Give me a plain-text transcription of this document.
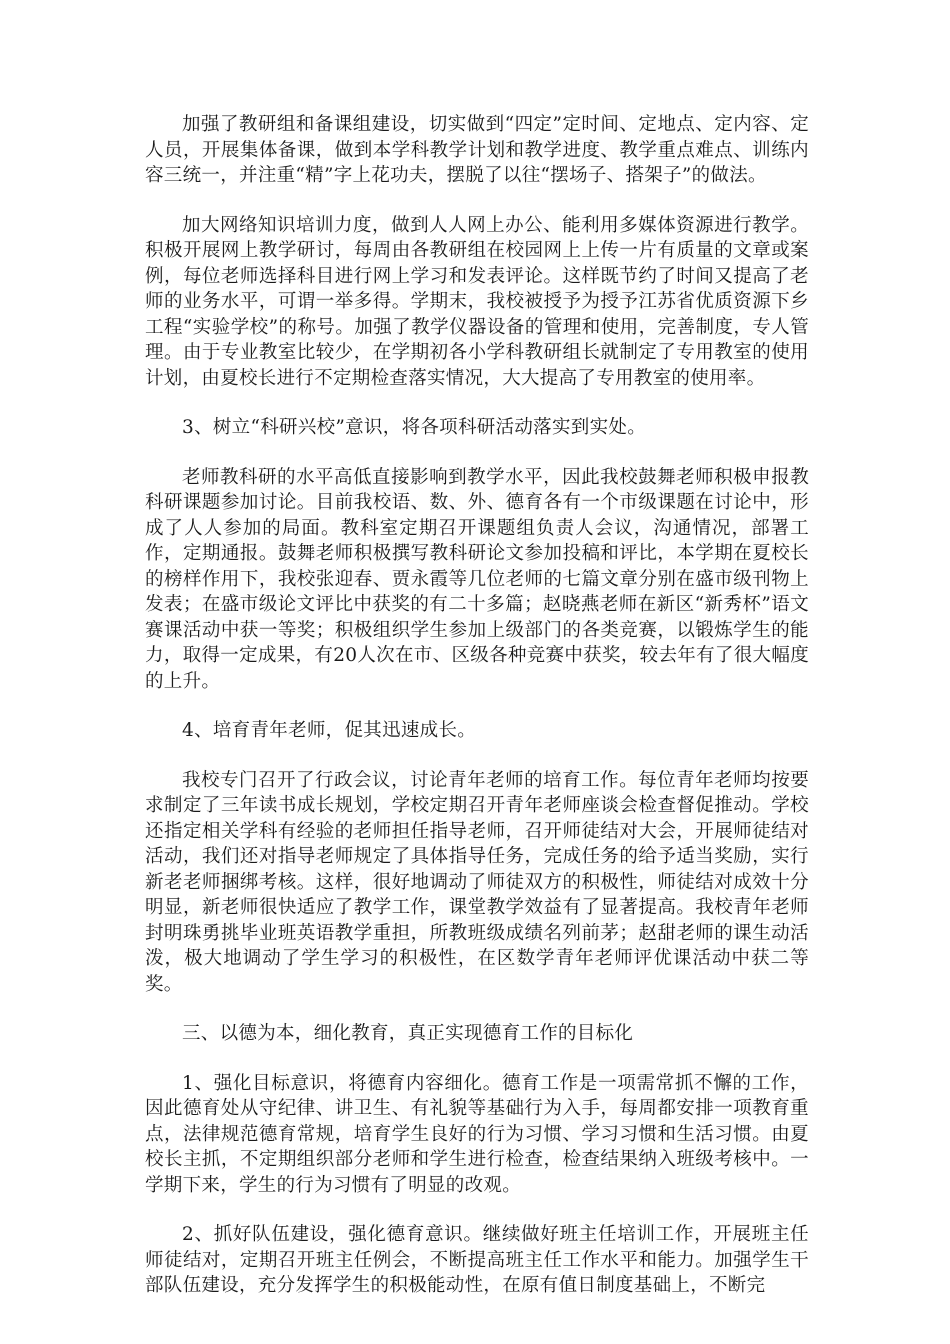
加强了教研组和备课组建设，切实做到“四定”定时间、定地点、定内容、定人员，开展集体备课，做到本学科教学计划和教学进度、教学重点难点、训练内容三统一，并注重“精”字上花功夫，摆脱了以往“摆场子、搭架子”的做法。

加大网络知识培训力度，做到人人网上办公、能利用多媒体资源进行教学。积极开展网上教学研讨，每周由各教研组在校园网上上传一片有质量的文章或案例，每位老师选择科目进行网上学习和发表评论。这样既节约了时间又提高了老师的业务水平，可谓一举多得。学期末，我校被授予为授予江苏省优质资源下乡工程“实验学校”的称号。加强了教学仪器设备的管理和使用，完善制度，专人管理。由于专业教室比较少，在学期初各小学科教研组长就制定了专用教室的使用计划，由夏校长进行不定期检查落实情况，大大提高了专用教室的使用率。

3、树立“科研兴校”意识，将各项科研活动落实到实处。

老师教科研的水平高低直接影响到教学水平，因此我校鼓舞老师积极申报教科研课题参加讨论。目前我校语、数、外、德育各有一个市级课题在讨论中，形成了人人参加的局面。教科室定期召开课题组负责人会议，沟通情况，部署工作，定期通报。鼓舞老师积极撰写教科研论文参加投稿和评比，本学期在夏校长的榜样作用下，我校张迎春、贾永霞等几位老师的七篇文章分别在盛市级刊物上发表；在盛市级论文评比中获奖的有二十多篇；赵晓燕老师在新区“新秀杯”语文赛课活动中获一等奖；积极组织学生参加上级部门的各类竞赛，以锻炼学生的能力，取得一定成果，有20人次在市、区级各种竞赛中获奖，较去年有了很大幅度的上升。

4、培育青年老师，促其迅速成长。

我校专门召开了行政会议，讨论青年老师的培育工作。每位青年老师均按要求制定了三年读书成长规划，学校定期召开青年老师座谈会检查督促推动。学校还指定相关学科有经验的老师担任指导老师，召开师徒结对大会，开展师徒结对活动，我们还对指导老师规定了具体指导任务，完成任务的给予适当奖励，实行新老老师捆绑考核。这样，很好地调动了师徒双方的积极性，师徒结对成效十分明显，新老师很快适应了教学工作，课堂教学效益有了显著提高。我校青年老师封明珠勇挑毕业班英语教学重担，所教班级成绩名列前茅；赵甜老师的课生动活泼，极大地调动了学生学习的积极性，在区数学青年老师评优课活动中获二等奖。

三、以德为本，细化教育，真正实现德育工作的目标化

1、强化目标意识，将德育内容细化。德育工作是一项需常抓不懈的工作，因此德育处从守纪律、讲卫生、有礼貌等基础行为入手，每周都安排一项教育重点，法律规范德育常规，培育学生良好的行为习惯、学习习惯和生活习惯。由夏校长主抓，不定期组织部分老师和学生进行检查，检查结果纳入班级考核中。一学期下来，学生的行为习惯有了明显的改观。

2、抓好队伍建设，强化德育意识。继续做好班主任培训工作，开展班主任师徒结对，定期召开班主任例会，不断提高班主任工作水平和能力。加强学生干部队伍建设，充分发挥学生的积极能动性，在原有值日制度基础上，不断完
